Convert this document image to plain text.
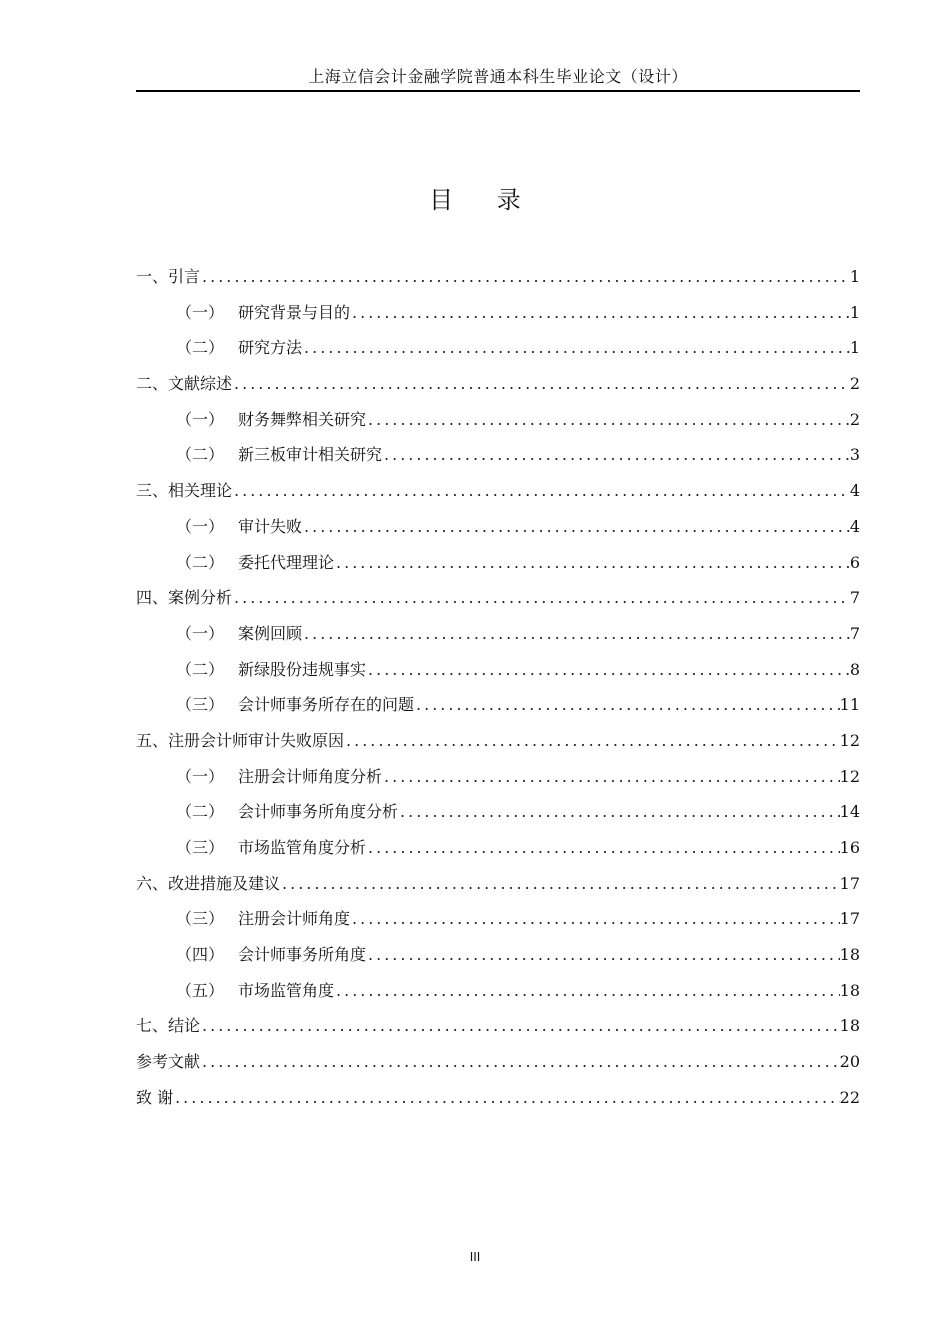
上海立信会计金融学院普通本科生毕业论文（设计）
目 录
一、引言 .....	1
（一） 研究背景与目的 .....	1
（二） 研究方法 .....	1
二、文献综述 .....	2
（一） 财务舞弊相关研究 .....	2
（二） 新三板审计相关研究 .....	3
三、相关理论 .....	4
（一） 审计失败 .....	4
（二） 委托代理理论 .....	6
四、案例分析 .....	7
（一） 案例回顾 .....	7
（二） 新绿股份违规事实 .....	8
（三） 会计师事务所存在的问题 .....	11
五、注册会计师审计失败原因 .....	12
（一） 注册会计师角度分析 .....	12
（二） 会计师事务所角度分析 .....	14
（三） 市场监管角度分析 .....	16
六、改进措施及建议 .....	17
（三） 注册会计师角度 .....	17
（四） 会计师事务所角度 .....	18
（五） 市场监管角度 .....	18
七、结论 .....	18
参考文献 .....	20
致 谢 .....	22
III
